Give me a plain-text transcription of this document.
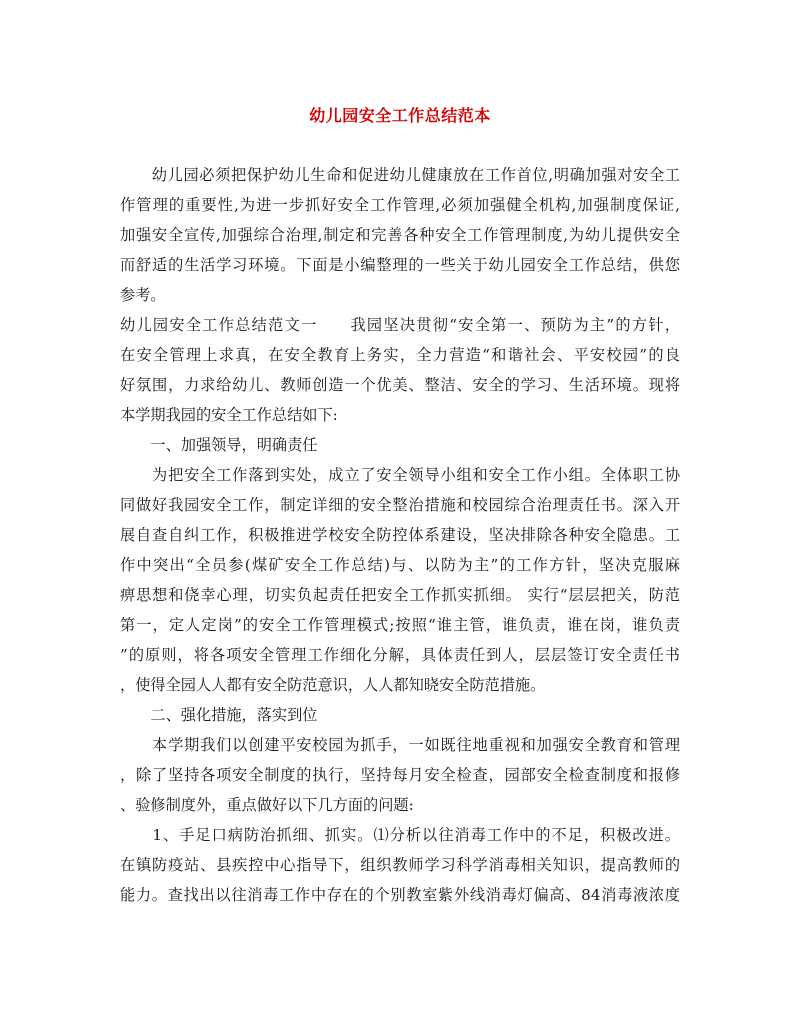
幼儿园安全工作总结范本
　　幼儿园必须把保护幼儿生命和促进幼儿健康放在工作首位,明确加强对安全工
作管理的重要性,为进一步抓好安全工作管理,必须加强健全机构,加强制度保证,
加强安全宣传,加强综合治理,制定和完善各种安全工作管理制度,为幼儿提供安全
而舒适的生活学习环境。下面是小编整理的一些关于幼儿园安全工作总结，供您
参考。
幼儿园安全工作总结范文一　　我园坚决贯彻“安全第一、预防为主”的方针，
在安全管理上求真，在安全教育上务实，全力营造“和谐社会、平安校园”的良
好氛围，力求给幼儿、教师创造一个优美、整洁、安全的学习、生活环境。现将
本学期我园的安全工作总结如下:
　　一、加强领导，明确责任
　　为把安全工作落到实处，成立了安全领导小组和安全工作小组。全体职工协
同做好我园安全工作，制定详细的安全整治措施和校园综合治理责任书。深入开
展自查自纠工作，积极推进学校安全防控体系建设，坚决排除各种安全隐患。工
作中突出“全员参(煤矿安全工作总结)与、以防为主”的工作方针，坚决克服麻
痹思想和侥幸心理，切实负起责任把安全工作抓实抓细。 实行“层层把关，防范
第一，定人定岗”的安全工作管理模式;按照“谁主管，谁负责，谁在岗，谁负责
”的原则，将各项安全管理工作细化分解，具体责任到人，层层签订安全责任书
，使得全园人人都有安全防范意识，人人都知晓安全防范措施。
　　二、强化措施，落实到位
　　本学期我们以创建平安校园为抓手，一如既往地重视和加强安全教育和管理
，除了坚持各项安全制度的执行，坚持每月安全检查，园部安全检查制度和报修
、验修制度外，重点做好以下几方面的问题:
　　1、手足口病防治抓细、抓实。⑴分析以往消毒工作中的不足，积极改进。
在镇防疫站、县疾控中心指导下，组织教师学习科学消毒相关知识，提高教师的
能力。查找出以往消毒工作中存在的个别教室紫外线消毒灯偏高、84消毒液浓度
